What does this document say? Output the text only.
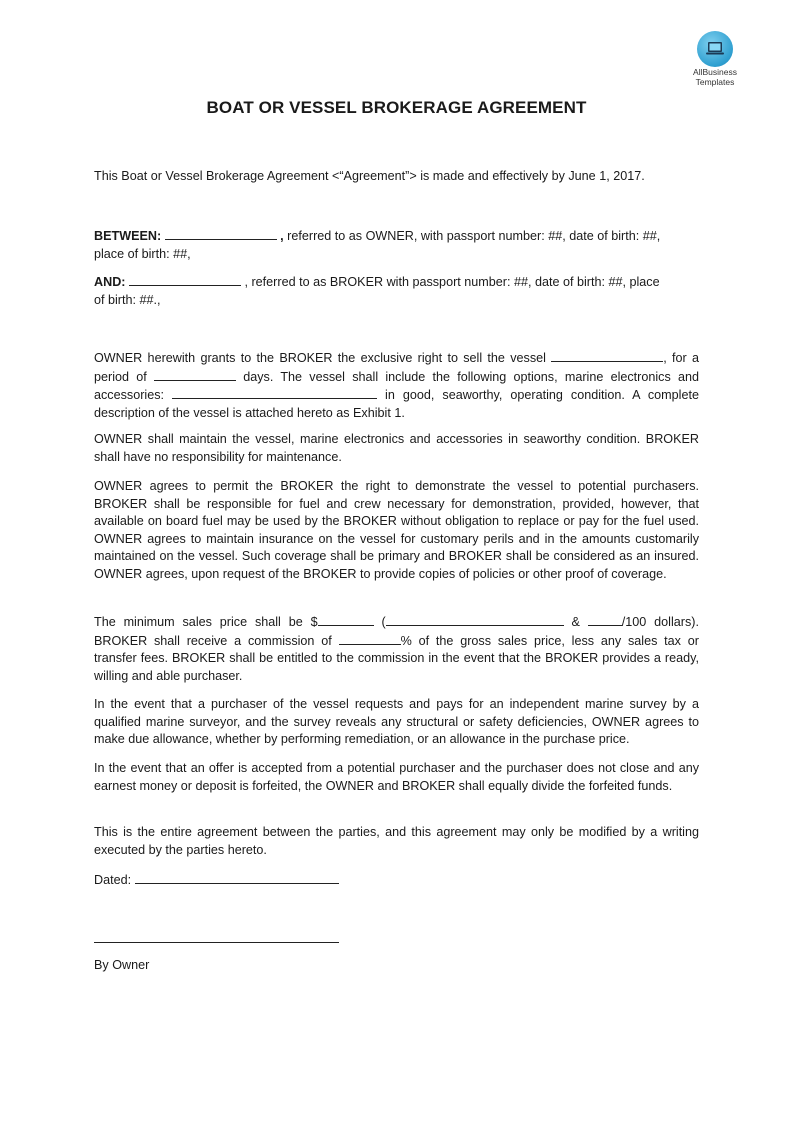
AllBusiness
Templates
BOAT OR VESSEL BROKERAGE AGREEMENT

This Boat or Vessel Brokerage Agreement <“Agreement”> is made and effectively by June 1, 2017.

BETWEEN:	, referred to as OWNER, with passport number: ##, date of birth: ##,
place of birth: ##,

AND:	, referred to as BROKER with passport number: ##, date of birth: ##, place
of birth: ##.,

OWNER herewith grants to the BROKER the exclusive right to sell the vessel	, for a
period of	days. The vessel shall include the following options, marine electronics and
accessories:	in good, seaworthy, operating condition. A complete
description of the vessel is attached hereto as Exhibit 1.

OWNER shall maintain the vessel, marine electronics and accessories in seaworthy condition. BROKER shall have no responsibility for maintenance.

OWNER agrees to permit the BROKER the right to demonstrate the vessel to potential purchasers. BROKER shall be responsible for fuel and crew necessary for demonstration, provided, however, that available on board fuel may be used by the BROKER without obligation to replace or pay for the fuel used. OWNER agrees to maintain insurance on the vessel for customary perils and in the amounts customarily maintained on the vessel. Such coverage shall be primary and BROKER shall be considered as an insured. OWNER agrees, upon request of the BROKER to provide copies of policies or other proof of coverage.

The minimum sales price shall be $	(	&	/100 dollars).
BROKER shall receive a commission of	% of the gross sales price, less any sales tax or
transfer fees. BROKER shall be entitled to the commission in the event that the BROKER provides a ready, willing and able purchaser.

In the event that a purchaser of the vessel requests and pays for an independent marine survey by a qualified marine surveyor, and the survey reveals any structural or safety deficiencies, OWNER agrees to make due allowance, whether by performing remediation, or an allowance in the purchase price.

In the event that an offer is accepted from a potential purchaser and the purchaser does not close and any earnest money or deposit is forfeited, the OWNER and BROKER shall equally divide the forfeited funds.

This is the entire agreement between the parties, and this agreement may only be modified by a writing executed by the parties hereto.

Dated:

By Owner
